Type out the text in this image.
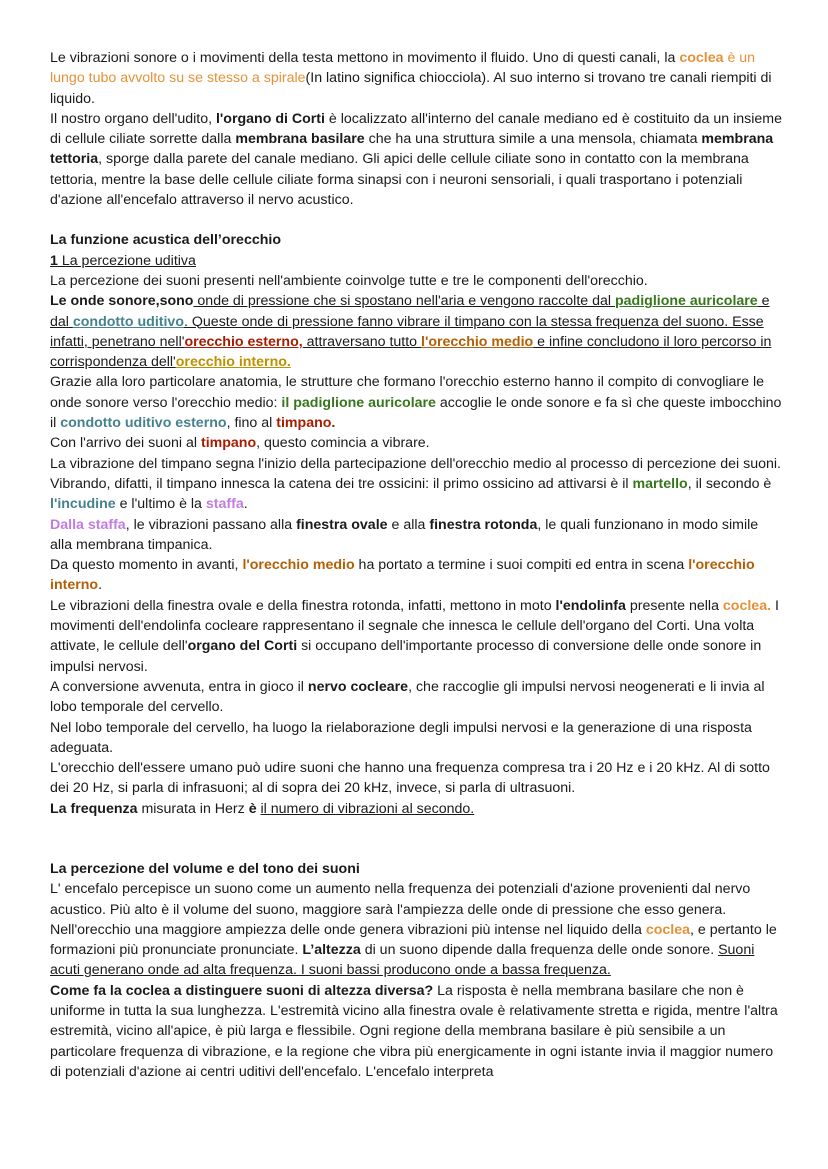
Le vibrazioni sonore o i movimenti della testa mettono in movimento il fluido. Uno di questi canali, la coclea è un lungo tubo avvolto su se stesso a spirale(In latino significa chiocciola). Al suo interno si trovano tre canali riempiti di liquido.

Il nostro organo dell'udito, l'organo di Corti è localizzato all'interno del canale mediano ed è costituito da un insieme di cellule ciliate sorrette dalla membrana basilare che ha una struttura simile a una mensola, chiamata membrana tettoria, sporge dalla parete del canale mediano. Gli apici delle cellule ciliate sono in contatto con la membrana tettoria, mentre la base delle cellule ciliate forma sinapsi con i neuroni sensoriali, i quali trasportano i potenziali d'azione all'encefalo attraverso il nervo acustico.

La funzione acustica dell’orecchio

1 La percezione uditiva

La percezione dei suoni presenti nell'ambiente coinvolge tutte e tre le componenti dell'orecchio.

Le onde sonore,sono onde di pressione che si spostano nell'aria e vengono raccolte dal padiglione auricolare e dal condotto uditivo. Queste onde di pressione fanno vibrare il timpano con la stessa frequenza del suono. Esse infatti, penetrano nell'orecchio esterno, attraversano tutto l'orecchio medio e infine concludono il loro percorso in corrispondenza dell'orecchio interno.

Grazie alla loro particolare anatomia, le strutture che formano l'orecchio esterno hanno il compito di convogliare le onde sonore verso l'orecchio medio: il padiglione auricolare accoglie le onde sonore e fa sì che queste imbocchino il condotto uditivo esterno, fino al timpano.

Con l'arrivo dei suoni al timpano, questo comincia a vibrare.

La vibrazione del timpano segna l'inizio della partecipazione dell'orecchio medio al processo di percezione dei suoni. Vibrando, difatti, il timpano innesca la catena dei tre ossicini: il primo ossicino ad attivarsi è il martello, il secondo è l'incudine e l'ultimo è la staffa.

Dalla staffa, le vibrazioni passano alla finestra ovale e alla finestra rotonda, le quali funzionano in modo simile alla membrana timpanica.

Da questo momento in avanti, l'orecchio medio ha portato a termine i suoi compiti ed entra in scena l'orecchio interno.

Le vibrazioni della finestra ovale e della finestra rotonda, infatti, mettono in moto l'endolinfa presente nella coclea. I movimenti dell'endolinfa cocleare rappresentano il segnale che innesca le cellule dell'organo del Corti. Una volta attivate, le cellule dell'organo del Corti si occupano dell'importante processo di conversione delle onde sonore in impulsi nervosi.

A conversione avvenuta, entra in gioco il nervo cocleare, che raccoglie gli impulsi nervosi neogenerati e li invia al lobo temporale del cervello.

Nel lobo temporale del cervello, ha luogo la rielaborazione degli impulsi nervosi e la generazione di una risposta adeguata.

L'orecchio dell'essere umano può udire suoni che hanno una frequenza compresa tra i 20 Hz e i 20 kHz. Al di sotto dei 20 Hz, si parla di infrasuoni; al di sopra dei 20 kHz, invece, si parla di ultrasuoni.

La frequenza misurata in Herz è il numero di vibrazioni al secondo.

La percezione del volume e del tono dei suoni

L' encefalo percepisce un suono come un aumento nella frequenza dei potenziali d'azione provenienti dal nervo acustico. Più alto è il volume del suono, maggiore sarà l'ampiezza delle onde di pressione che esso genera.

Nell'orecchio una maggiore ampiezza delle onde genera vibrazioni più intense nel liquido della coclea, e pertanto le formazioni più pronunciate pronunciate. L’altezza di un suono dipende dalla frequenza delle onde sonore. Suoni acuti generano onde ad alta frequenza. I suoni bassi producono onde a bassa frequenza.

Come fa la coclea a distinguere suoni di altezza diversa? La risposta è nella membrana basilare che non è uniforme in tutta la sua lunghezza. L'estremità vicino alla finestra ovale è relativamente stretta e rigida, mentre l'altra estremità, vicino all'apice, è più larga e flessibile. Ogni regione della membrana basilare è più sensibile a un particolare frequenza di vibrazione, e la regione che vibra più energicamente in ogni istante invia il maggior numero di potenziali d'azione ai centri uditivi dell'encefalo. L'encefalo interpreta
